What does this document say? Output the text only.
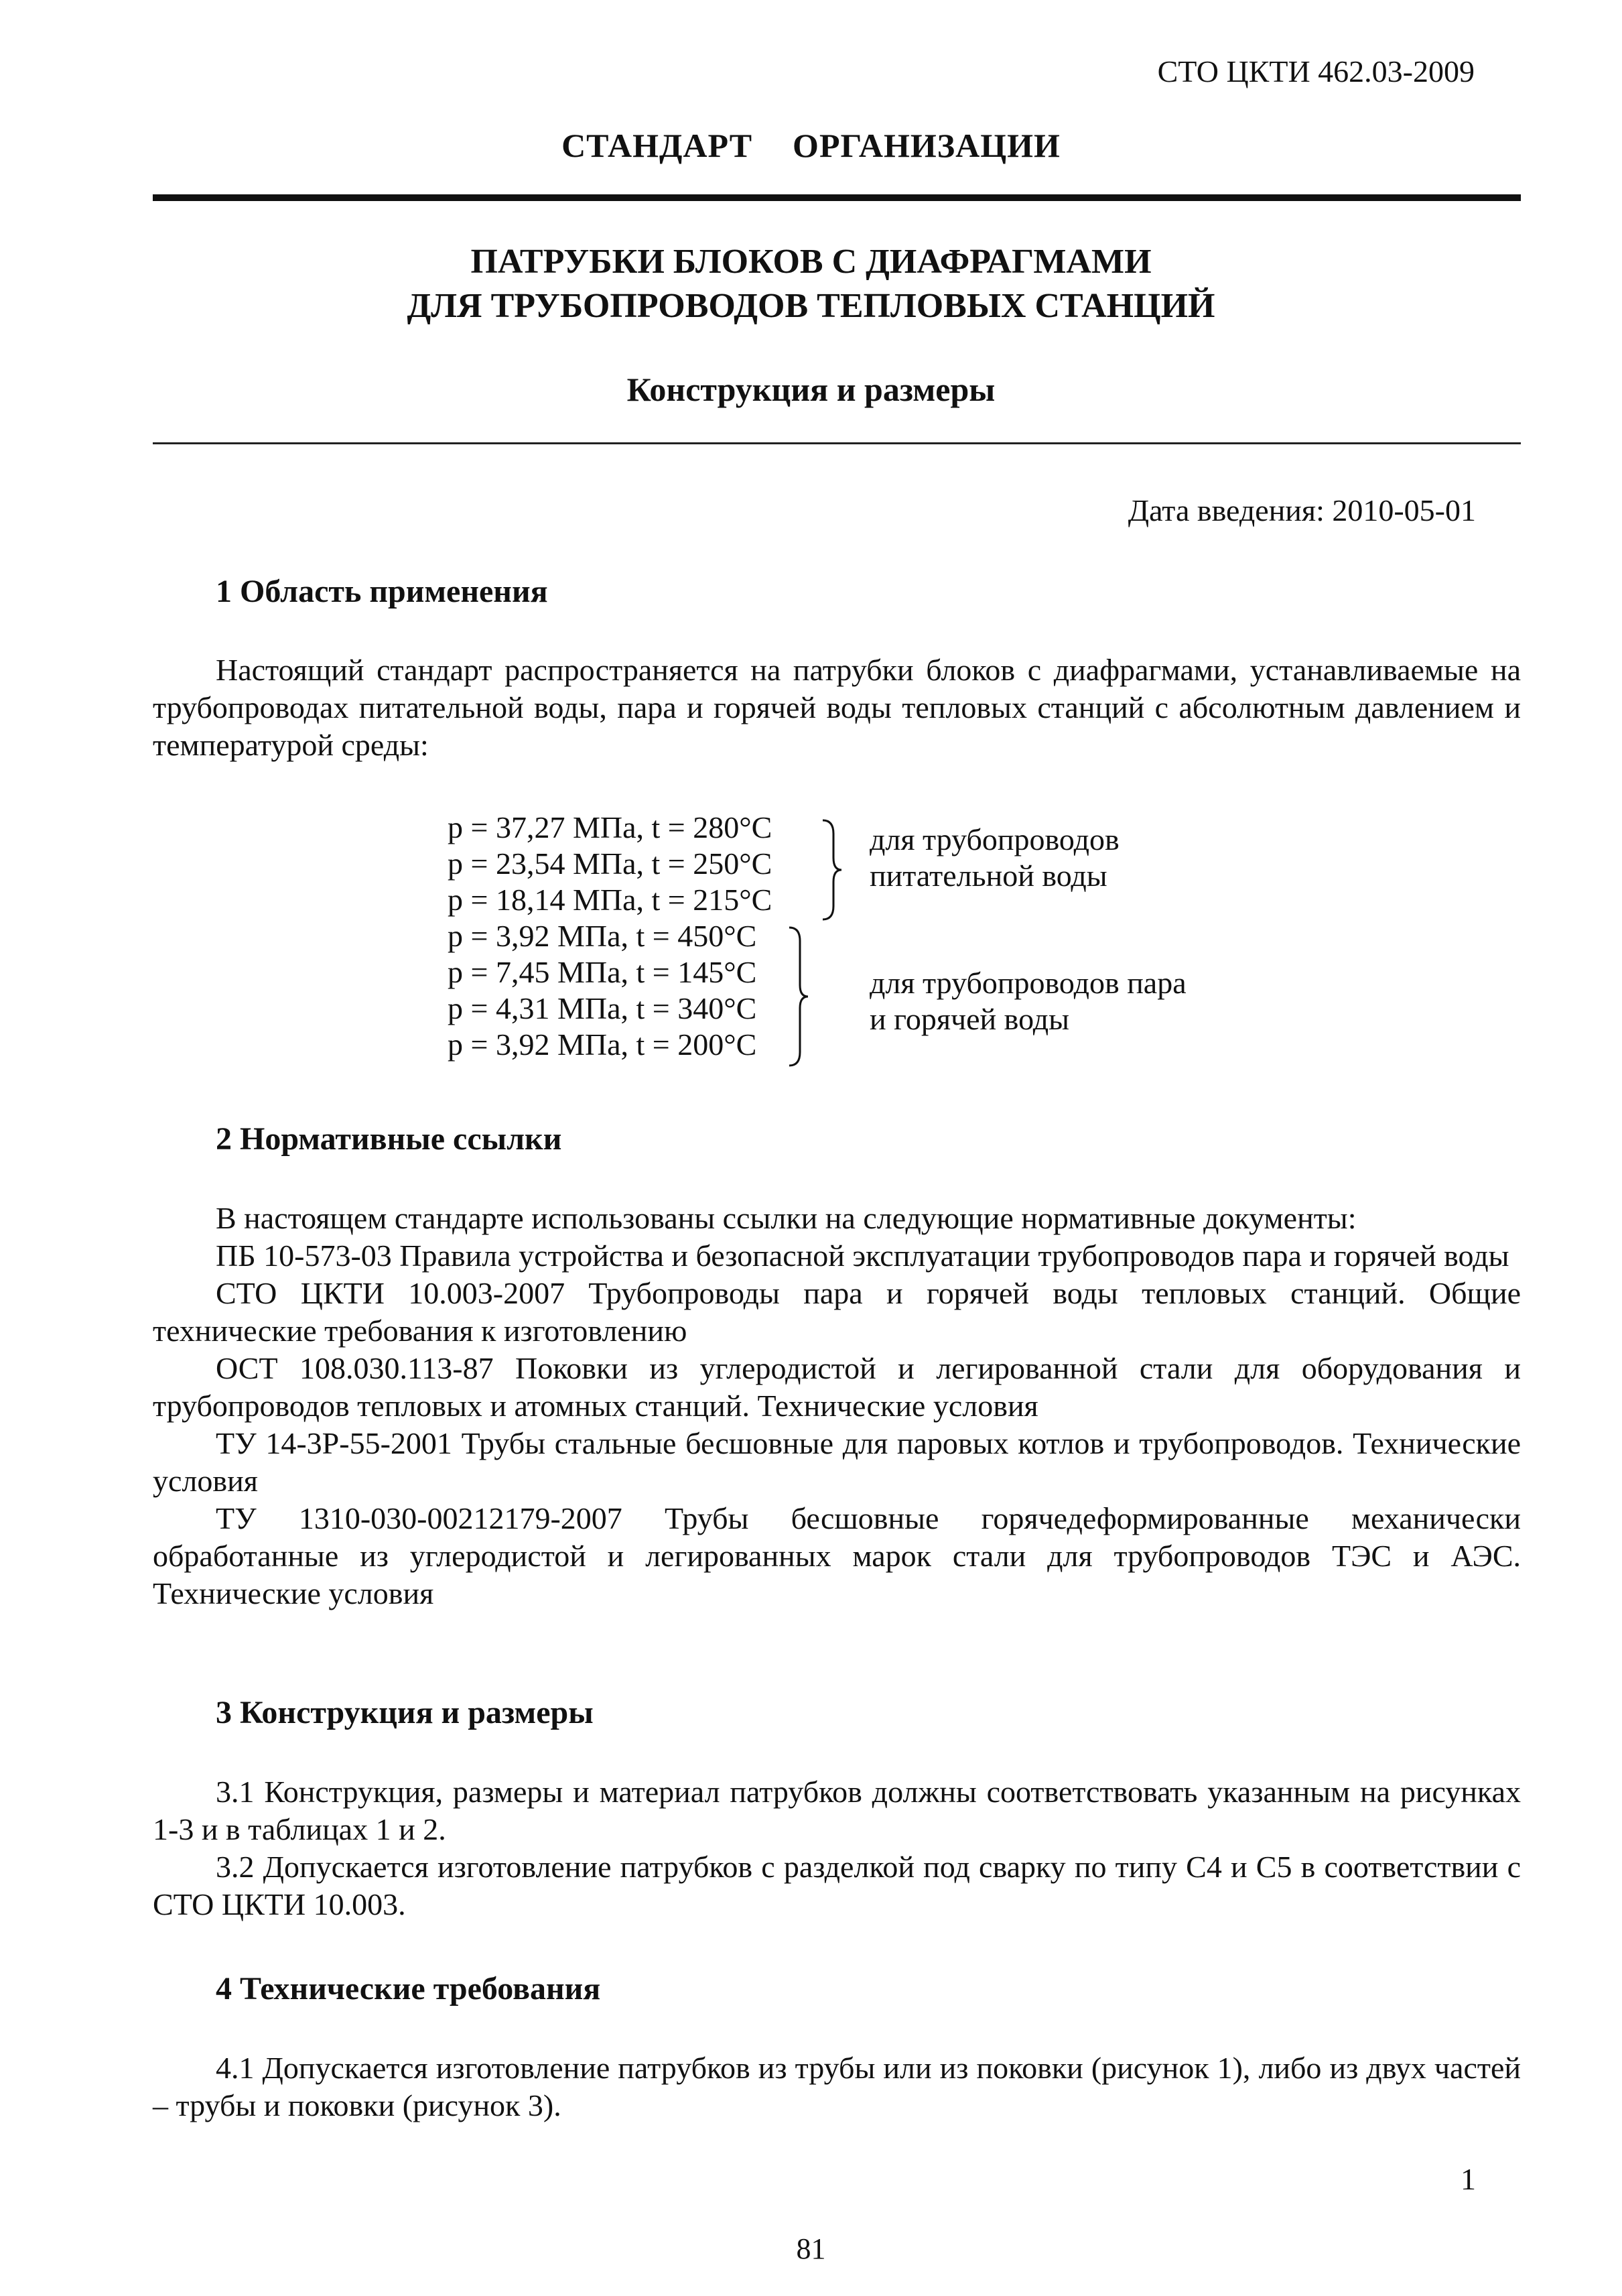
СТО ЦКТИ 462.03-2009
СТАНДАРТ ОРГАНИЗАЦИИ
ПАТРУБКИ БЛОКОВ С ДИАФРАГМАМИ
ДЛЯ ТРУБОПРОВОДОВ ТЕПЛОВЫХ СТАНЦИЙ
Конструкция и размеры
Дата введения: 2010-05-01
1 Область применения

Настоящий стандарт распространяется на патрубки блоков с диафрагмами, устанавливаемые на трубопроводах питательной воды, пара и горячей воды тепловых станций с абсолютным давлением и температурой среды:

р = 37,27 МПа, t = 280°С
р = 23,54 МПа, t = 250°С
р = 18,14 МПа, t = 215°С
р = 3,92 МПа, t = 450°С
р = 7,45 МПа, t = 145°С
р = 4,31 МПа, t = 340°С
р = 3,92 МПа, t = 200°С
для трубопроводов
питательной воды
для трубопроводов пара
и горячей воды
2 Нормативные ссылки

В настоящем стандарте использованы ссылки на следующие нормативные документы:

ПБ 10-573-03 Правила устройства и безопасной эксплуатации трубопроводов пара и горячей воды

СТО ЦКТИ 10.003-2007 Трубопроводы пара и горячей воды тепловых станций. Общие технические требования к изготовлению

ОСТ 108.030.113-87 Поковки из углеродистой и легированной стали для оборудования и трубопроводов тепловых и атомных станций. Технические условия

ТУ 14-3Р-55-2001 Трубы стальные бесшовные для паровых котлов и трубопроводов. Технические условия

ТУ 1310-030-00212179-2007 Трубы бесшовные горячедеформированные механически обработанные из углеродистой и легированных марок стали для трубопроводов ТЭС и АЭС. Технические условия

3 Конструкция и размеры

3.1 Конструкция, размеры и материал патрубков должны соответствовать указанным на рисунках 1-3 и в таблицах 1 и 2.

3.2 Допускается изготовление патрубков с разделкой под сварку по типу С4 и С5 в соответствии с СТО ЦКТИ 10.003.

4 Технические требования

4.1 Допускается изготовление патрубков из трубы или из поковки (рисунок 1), либо из двух частей – трубы и поковки (рисунок 3).

1
81
